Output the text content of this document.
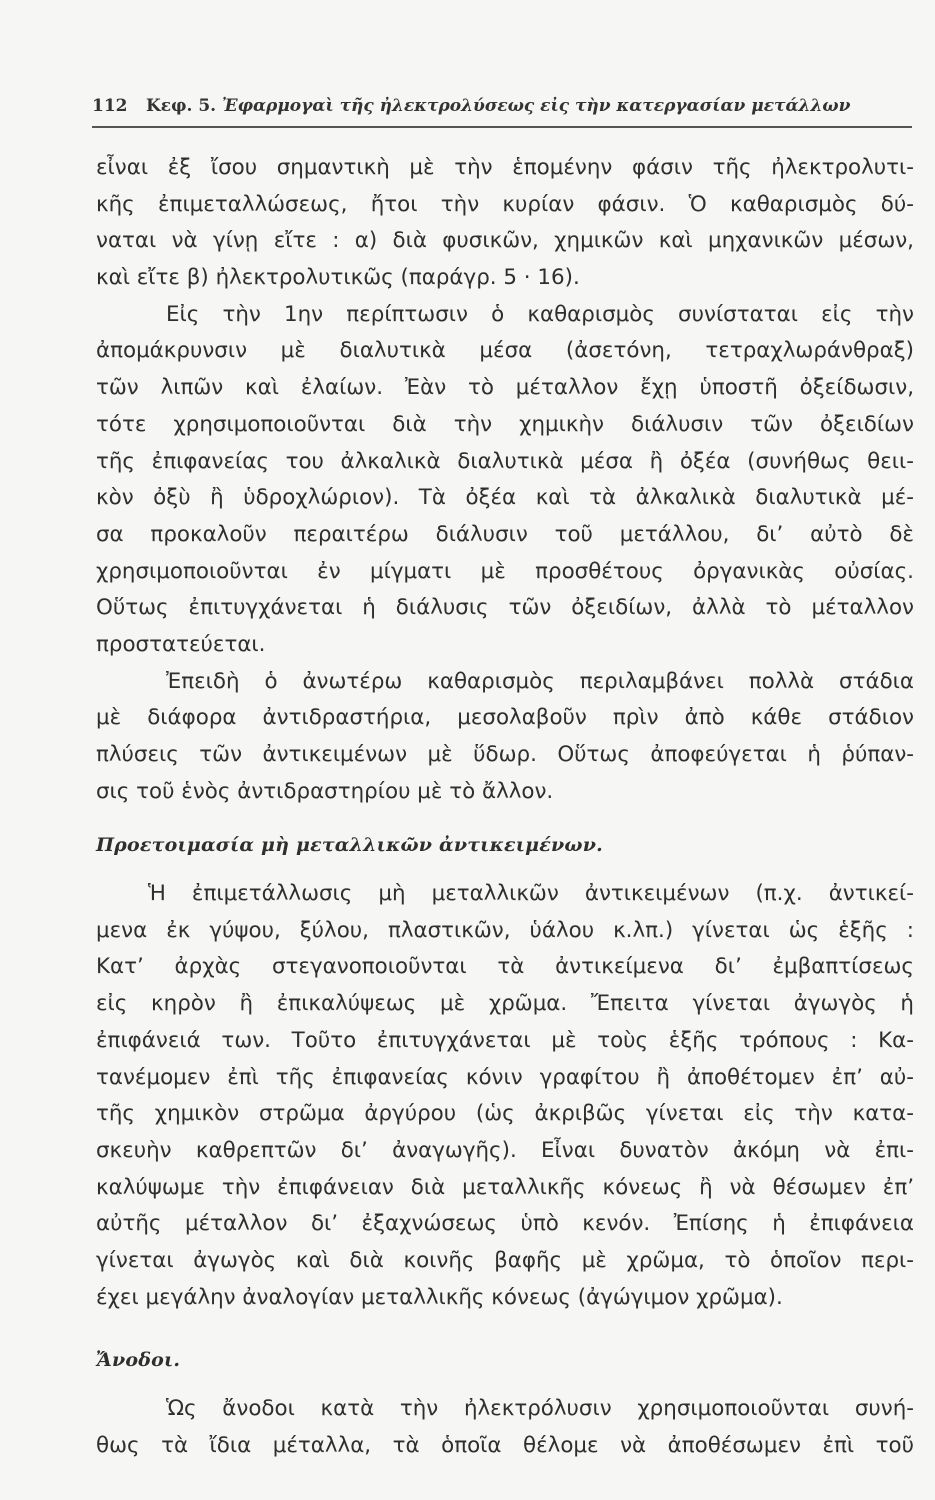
112 Κεφ. 5. Ἐφαρμογαὶ τῆς ἠλεκτρολύσεως εἰς τὴν κατεργασίαν μετάλλων
εἶναι ἐξ ἴσου σημαντικὴ μὲ τὴν ἑπομένην φάσιν τῆς ἠλεκτρολυτι-
κῆς ἐπιμεταλλώσεως, ἤτοι τὴν κυρίαν φάσιν. Ὁ καθαρισμὸς δύ-
ναται νὰ γίνῃ εἴτε : α) διὰ φυσικῶν, χημικῶν καὶ μηχανικῶν μέσων,
καὶ εἴτε β) ἠλεκτρολυτικῶς (παράγρ. 5 · 16).
Εἰς τὴν 1ην περίπτωσιν ὁ καθαρισμὸς συνίσταται εἰς τὴν
ἀπομάκρυνσιν μὲ διαλυτικὰ μέσα (ἀσετόνη, τετραχλωράνθραξ)
τῶν λιπῶν καὶ ἐλαίων. Ἐὰν τὸ μέταλλον ἔχῃ ὑποστῆ ὀξείδωσιν,
τότε χρησιμοποιοῦνται διὰ τὴν χημικὴν διάλυσιν τῶν ὀξειδίων
τῆς ἐπιφανείας του ἀλκαλικὰ διαλυτικὰ μέσα ἢ ὀξέα (συνήθως θειι-
κὸν ὀξὺ ἢ ὑδροχλώριον). Τὰ ὀξέα καὶ τὰ ἀλκαλικὰ διαλυτικὰ μέ-
σα προκαλοῦν περαιτέρω διάλυσιν τοῦ μετάλλου, δι’ αὐτὸ δὲ
χρησιμοποιοῦνται ἐν μίγματι μὲ προσθέτους ὀργανικὰς οὐσίας.
Οὕτως ἐπιτυγχάνεται ἡ διάλυσις τῶν ὀξειδίων, ἀλλὰ τὸ μέταλλον
προστατεύεται.
Ἐπειδὴ ὁ ἀνωτέρω καθαρισμὸς περιλαμβάνει πολλὰ στάδια
μὲ διάφορα ἀντιδραστήρια, μεσολαβοῦν πρὶν ἀπὸ κάθε στάδιον
πλύσεις τῶν ἀντικειμένων μὲ ὕδωρ. Οὕτως ἀποφεύγεται ἡ ῥύπαν-
σις τοῦ ἑνὸς ἀντιδραστηρίου μὲ τὸ ἄλλον.
Προετοιμασία μὴ μεταλλικῶν ἀντικειμένων.
Ἡ ἐπιμετάλλωσις μὴ μεταλλικῶν ἀντικειμένων (π.χ. ἀντικεί-
μενα ἐκ γύψου, ξύλου, πλαστικῶν, ὑάλου κ.λπ.) γίνεται ὡς ἑξῆς :
Κατ’ ἀρχὰς στεγανοποιοῦνται τὰ ἀντικείμενα δι’ ἐμβαπτίσεως
εἰς κηρὸν ἢ ἐπικαλύψεως μὲ χρῶμα. Ἔπειτα γίνεται ἀγωγὸς ἡ
ἐπιφάνειά των. Τοῦτο ἐπιτυγχάνεται μὲ τοὺς ἑξῆς τρόπους : Κα-
τανέμομεν ἐπὶ τῆς ἐπιφανείας κόνιν γραφίτου ἢ ἀποθέτομεν ἐπ’ αὐ-
τῆς χημικὸν στρῶμα ἀργύρου (ὡς ἀκριβῶς γίνεται εἰς τὴν κατα-
σκευὴν καθρεπτῶν δι’ ἀναγωγῆς). Εἶναι δυνατὸν ἀκόμη νὰ ἐπι-
καλύψωμε τὴν ἐπιφάνειαν διὰ μεταλλικῆς κόνεως ἢ νὰ θέσωμεν ἐπ’
αὐτῆς μέταλλον δι’ ἐξαχνώσεως ὑπὸ κενόν. Ἐπίσης ἡ ἐπιφάνεια
γίνεται ἀγωγὸς καὶ διὰ κοινῆς βαφῆς μὲ χρῶμα, τὸ ὁποῖον περι-
έχει μεγάλην ἀναλογίαν μεταλλικῆς κόνεως (ἀγώγιμον χρῶμα).
Ἄνοδοι.
Ὡς ἄνοδοι κατὰ τὴν ἠλεκτρόλυσιν χρησιμοποιοῦνται συνή-
θως τὰ ἴδια μέταλλα, τὰ ὁποῖα θέλομε νὰ ἀποθέσωμεν ἐπὶ τοῦ
